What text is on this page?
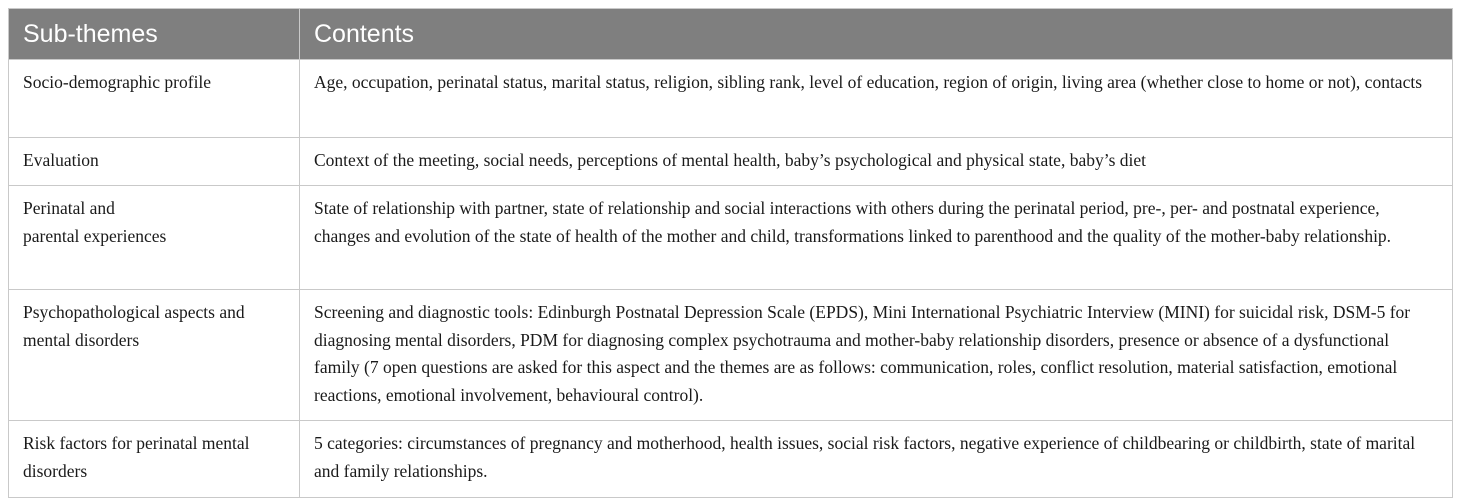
Sub-themes	Contents
Socio-demographic profile	Age, occupation, perinatal status, marital status, religion, sibling rank, level of education, region of origin, living area (whether close to home or not), contacts
Evaluation	Context of the meeting, social needs, perceptions of mental health, baby’s psychological and physical state, baby’s diet

Perinatal and
parental experiences	State of relationship with partner, state of relationship and social interactions with others during the perinatal period, pre-, per- and postnatal experience, changes and evolution of the state of health of the mother and child, transformations linked to parenthood and the quality of the mother-baby relationship.
Psychopathological aspects and mental disorders	Screening and diagnostic tools: Edinburgh Postnatal Depression Scale (EPDS), Mini International Psychiatric Interview (MINI) for suicidal risk, DSM-5 for diagnosing mental disorders, PDM for diagnosing complex psychotrauma and mother-baby relationship disorders, presence or absence of a dysfunctional family (7 open questions are asked for this aspect and the themes are as follows: communication, roles, conflict resolution, material satisfaction, emotional reactions, emotional involvement, behavioural control).
Risk factors for perinatal mental disorders	5 categories: circumstances of pregnancy and motherhood, health issues, social risk factors, negative experience of childbearing or childbirth, state of marital and family relationships.
